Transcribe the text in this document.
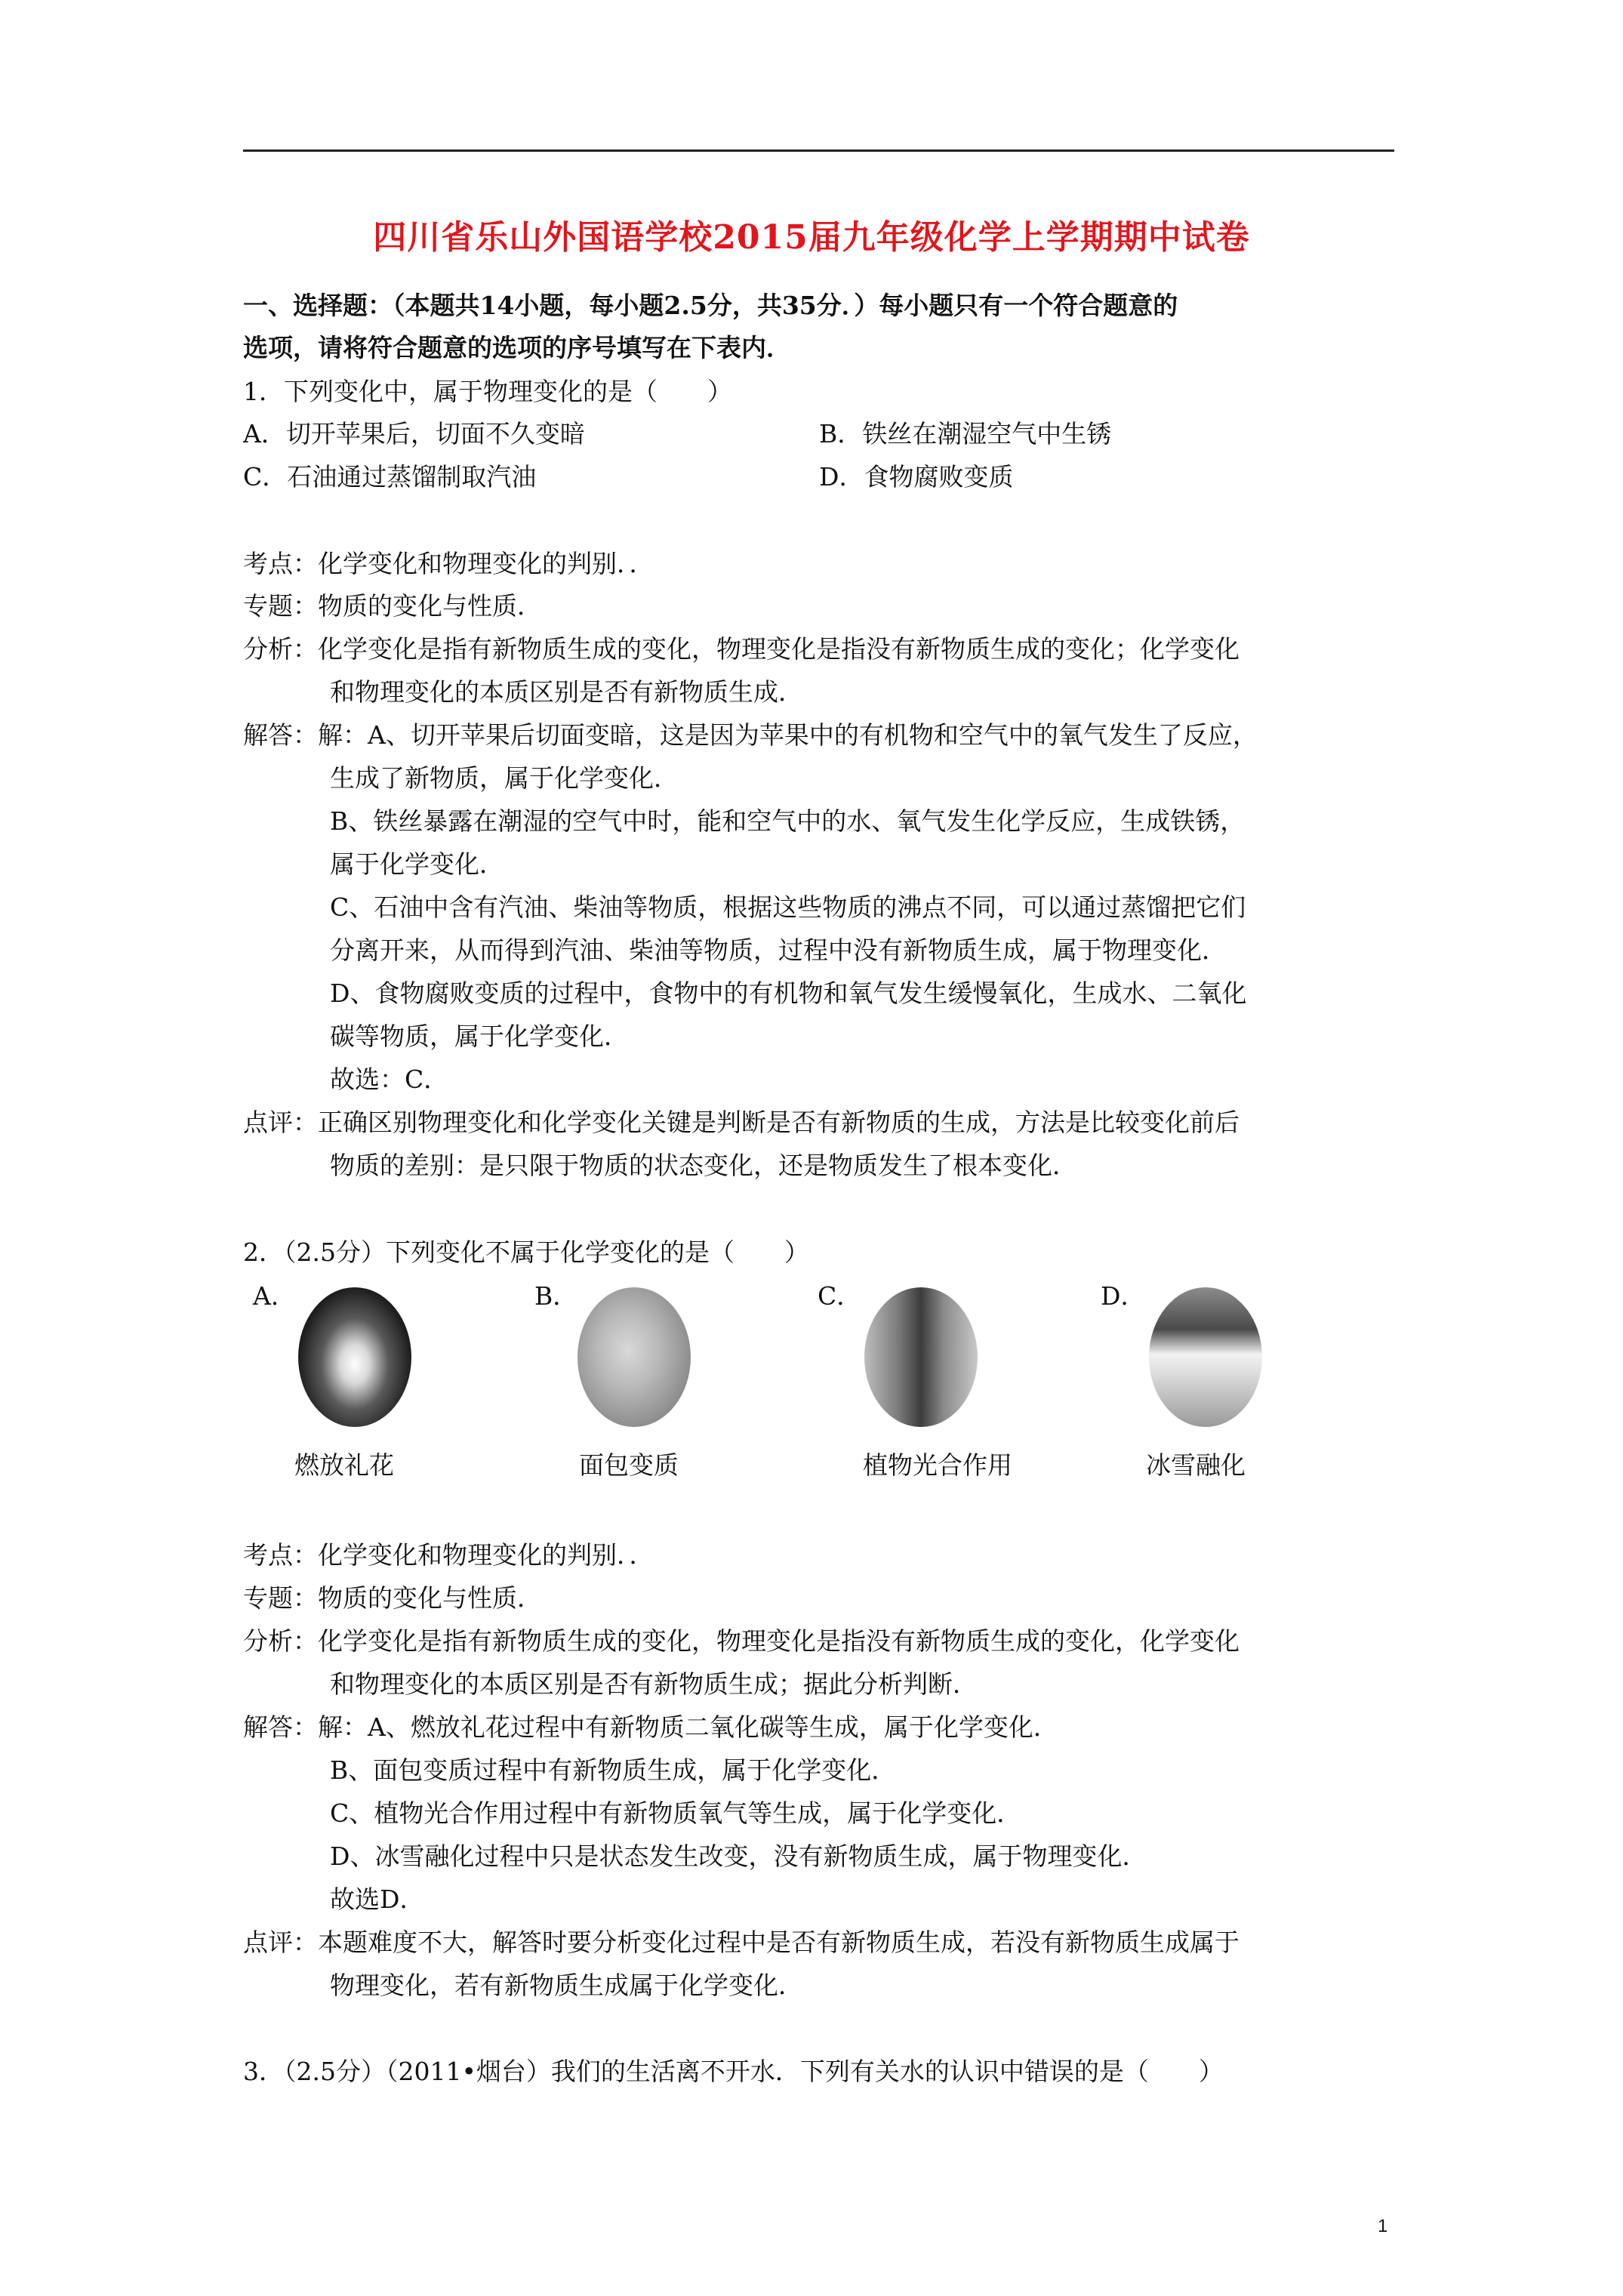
四川省乐山外国语学校2015届九年级化学上学期期中试卷
一、选择题：（本题共14小题，每小题2.5分，共35分．）每小题只有一个符合题意的
选项，请将符合题意的选项的序号填写在下表内．
1．下列变化中，属于物理变化的是（　　）
A．切开苹果后，切面不久变暗	B．铁丝在潮湿空气中生锈
C．石油通过蒸馏制取汽油	D．食物腐败变质
考点：化学变化和物理变化的判别．．
专题：物质的变化与性质．
分析：化学变化是指有新物质生成的变化，物理变化是指没有新物质生成的变化；化学变化
和物理变化的本质区别是否有新物质生成．
解答：解：A、切开苹果后切面变暗，这是因为苹果中的有机物和空气中的氧气发生了反应，
生成了新物质，属于化学变化．
B、铁丝暴露在潮湿的空气中时，能和空气中的水、氧气发生化学反应，生成铁锈，
属于化学变化．
C、石油中含有汽油、柴油等物质，根据这些物质的沸点不同，可以通过蒸馏把它们
分离开来，从而得到汽油、柴油等物质，过程中没有新物质生成，属于物理变化．
D、食物腐败变质的过程中，食物中的有机物和氧气发生缓慢氧化，生成水、二氧化
碳等物质，属于化学变化．
故选：C．
点评：正确区别物理变化和化学变化关键是判断是否有新物质的生成，方法是比较变化前后
物质的差别：是只限于物质的状态变化，还是物质发生了根本变化．
2．（2.5分）下列变化不属于化学变化的是（　　）
A．	B．	C．	D．
燃放礼花	面包变质	植物光合作用	冰雪融化
考点：化学变化和物理变化的判别．．
专题：物质的变化与性质．
分析：化学变化是指有新物质生成的变化，物理变化是指没有新物质生成的变化，化学变化
和物理变化的本质区别是否有新物质生成；据此分析判断．
解答：解：A、燃放礼花过程中有新物质二氧化碳等生成，属于化学变化．
B、面包变质过程中有新物质生成，属于化学变化．
C、植物光合作用过程中有新物质氧气等生成，属于化学变化．
D、冰雪融化过程中只是状态发生改变，没有新物质生成，属于物理变化．
故选D．
点评：本题难度不大，解答时要分析变化过程中是否有新物质生成，若没有新物质生成属于
物理变化，若有新物质生成属于化学变化．
3．（2.5分）（2011•烟台）我们的生活离不开水．下列有关水的认识中错误的是（　　）
1
